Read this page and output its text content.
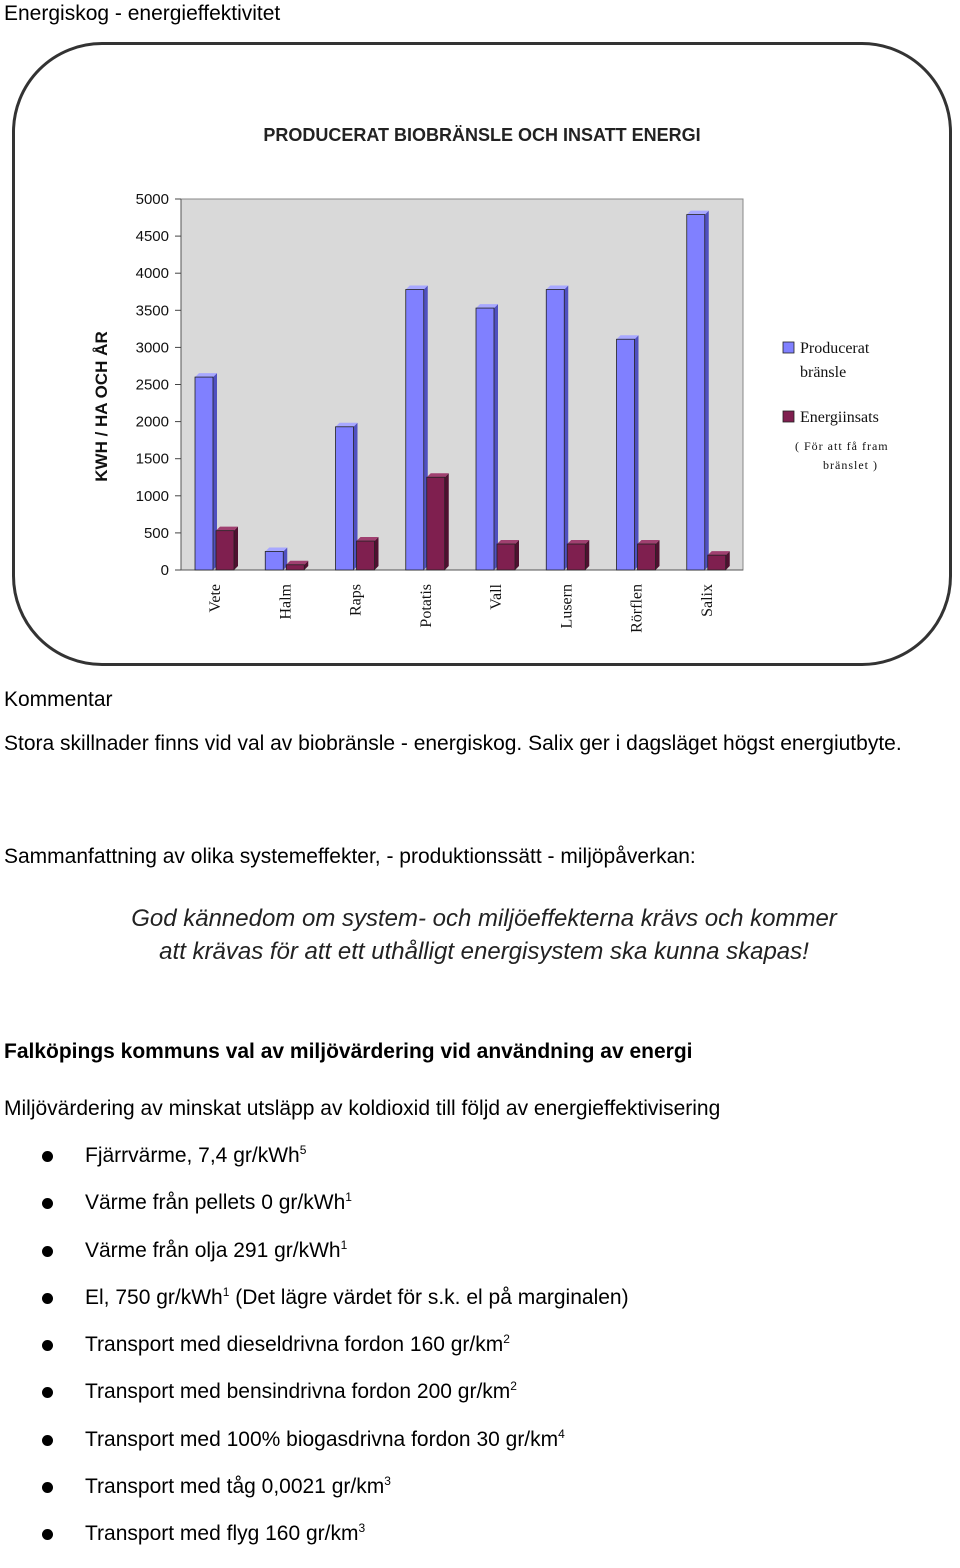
Energiskog - energieffektivitet
PRODUCERAT BIOBRÄNSLE OCH INSATT ENERGI
0
500
1000
1500
2000
2500
3000
3500
4000
4500
5000
KWH / HA OCH ÅR
Vete	Halm	Raps	Potatis	Vall	Lusern	Rörflen	Salix
Producerat
bränsle
Energiinsats
( För att få fram
bränslet )
Kommentar
Stora skillnader finns vid val av biobränsle - energiskog. Salix ger i dagsläget högst energiutbyte.
Sammanfattning av olika systemeffekter, - produktionssätt - miljöpåverkan:
God kännedom om system- och miljöeffekterna krävs och kommer
att krävas för att ett uthålligt energisystem ska kunna skapas!
Falköpings kommuns val av miljövärdering vid användning av energi
Miljövärdering av minskat utsläpp av koldioxid till följd av energieffektivisering
Fjärrvärme, 7,4 gr/kWh$^5$
Värme från pellets 0 gr/kWh$^1$
Värme från olja 291 gr/kWh$^1$
El, 750 gr/kWh$^1$ (Det lägre värdet för s.k. el på marginalen)
Transport med dieseldrivna fordon 160 $gr/km^2$
Transport med bensindrivna fordon 200 $gr/km^2$
Transport med 100% biogasdrivna fordon 30 $gr/km^4$
Transport med tåg 0,0021 $gr/km^3$
Transport med flyg 160 $gr/km^3$
